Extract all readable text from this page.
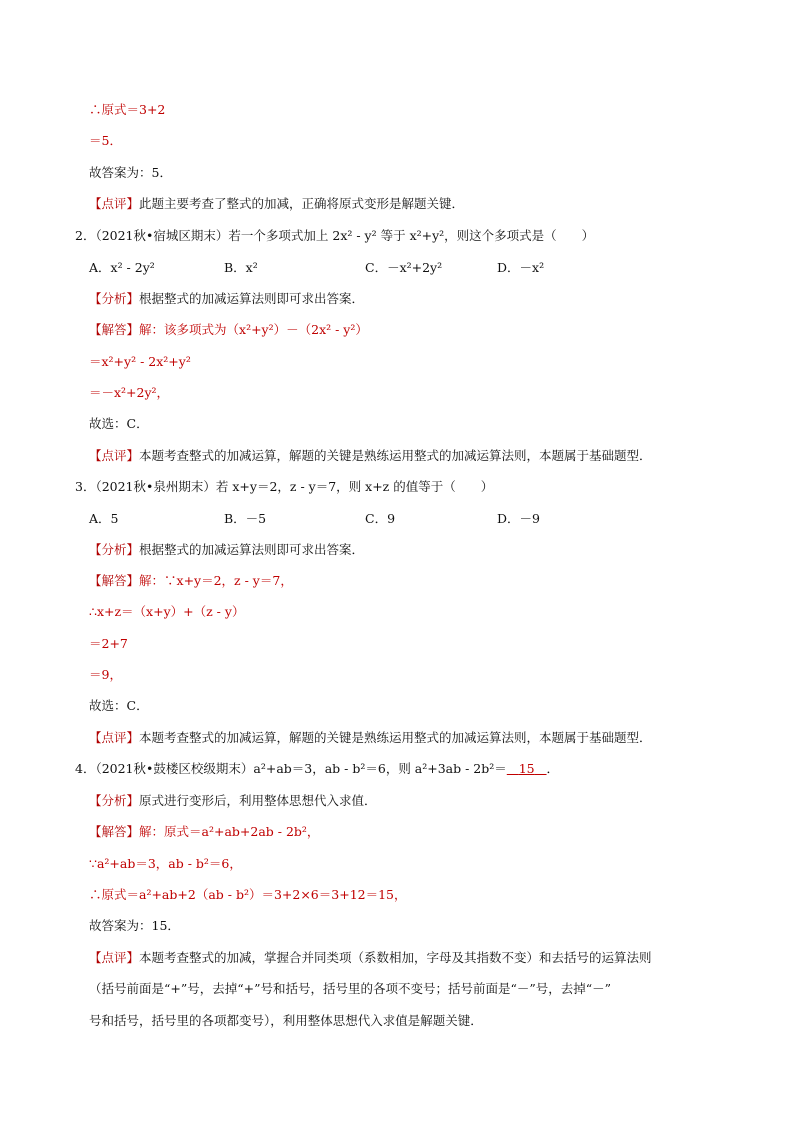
∴原式＝3+2
＝5．
故答案为：5．
【点评】此题主要考查了整式的加减，正确将原式变形是解题关键．
2．（2021秋•宿城区期末）若一个多项式加上 2x² - y² 等于 x²+y²，则这个多项式是（　　）
A．x² - 2y²	B．x²	C．－x²+2y²	D．－x²
【分析】根据整式的加减运算法则即可求出答案．
【解答】解：该多项式为（x²+y²）－（2x² - y²）
＝x²+y² - 2x²+y²
＝－x²+2y²，
故选：C．
【点评】本题考查整式的加减运算，解题的关键是熟练运用整式的加减运算法则，本题属于基础题型．
3．（2021秋•泉州期末）若 x+y＝2，z - y＝7，则 x+z 的值等于（　　）
A．5	B．－5	C．9	D．－9
【分析】根据整式的加减运算法则即可求出答案．
【解答】解：∵x+y＝2，z - y＝7，
∴x+z＝（x+y）+（z - y）
＝2+7
＝9，
故选：C．
【点评】本题考查整式的加减运算，解题的关键是熟练运用整式的加减运算法则，本题属于基础题型．
4．（2021秋•鼓楼区校级期末）a²+ab＝3，ab - b²＝6，则 a²+3ab - 2b²＝ 15 ．
【分析】原式进行变形后，利用整体思想代入求值．
【解答】解：原式＝a²+ab+2ab - 2b²，
∵a²+ab＝3，ab - b²＝6，
∴原式＝a²+ab+2（ab - b²）＝3+2×6＝3+12＝15，
故答案为：15．
【点评】本题考查整式的加减，掌握合并同类项（系数相加，字母及其指数不变）和去括号的运算法则
（括号前面是“+”号，去掉“+”号和括号，括号里的各项不变号；括号前面是“－”号，去掉“－”
号和括号，括号里的各项都变号），利用整体思想代入求值是解题关键．
